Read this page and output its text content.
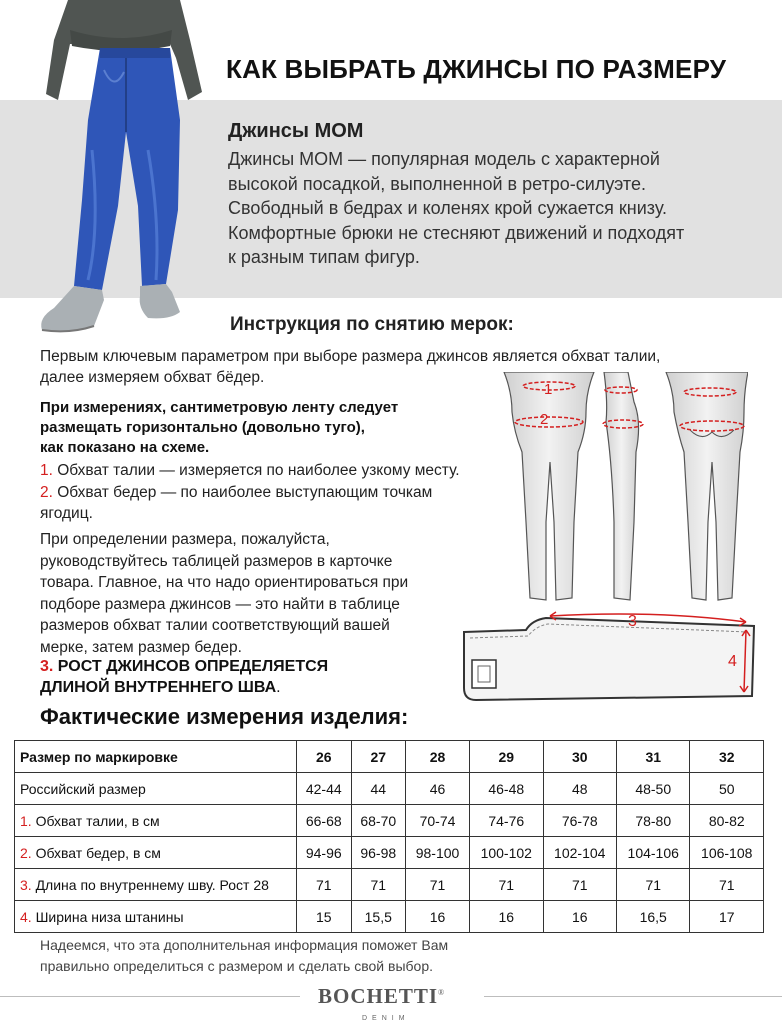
КАК ВЫБРАТЬ ДЖИНСЫ ПО РАЗМЕРУ
Джинсы MOM
Джинсы MOM — популярная модель с характерной
высокой посадкой, выполненной в ретро-силуэте.
Свободный в бедрах и коленях крой сужается книзу.
Комфортные брюки не стесняют движений и подходят
к разным типам фигур.
Инструкция по снятию мерок:
Первым ключевым параметром при выборе размера джинсов является обхват талии,
далее измеряем обхват бёдер.
При измерениях, сантиметровую ленту следует
размещать горизонтально (довольно туго),
как показано на схеме.
1. Обхват талии — измеряется по наиболее узкому месту.
2. Обхват бедер — по наиболее выступающим точкам
ягодиц.
При определении размера, пожалуйста,
руководствуйтесь таблицей размеров в карточке
товара. Главное, на что надо ориентироваться при
подборе размера джинсов — это найти в таблице
размеров обхват талии соответствующий вашей
мерке, затем размер бедер.
3. РОСТ ДЖИНСОВ ОПРЕДЕЛЯЕТСЯ
ДЛИНОЙ ВНУТРЕННЕГО ШВА.
1
2
3
4
Фактические измерения изделия:
Размер по маркировке	26	27	28	29	30	31	32
Российский размер	42-44	44	46	46-48	48	48-50	50
1. Обхват талии, в см	66-68	68-70	70-74	74-76	76-78	78-80	80-82
2. Обхват бедер, в см	94-96	96-98	98-100	100-102	102-104	104-106	106-108
3. Длина по внутреннему шву. Рост 28	71	71	71	71	71	71	71
4. Ширина низа штанины	15	15,5	16	16	16	16,5	17
Надеемся, что эта дополнительная информация поможет Вам
правильно определиться с размером и сделать свой выбор.
BOCHETTI®
DENIM
